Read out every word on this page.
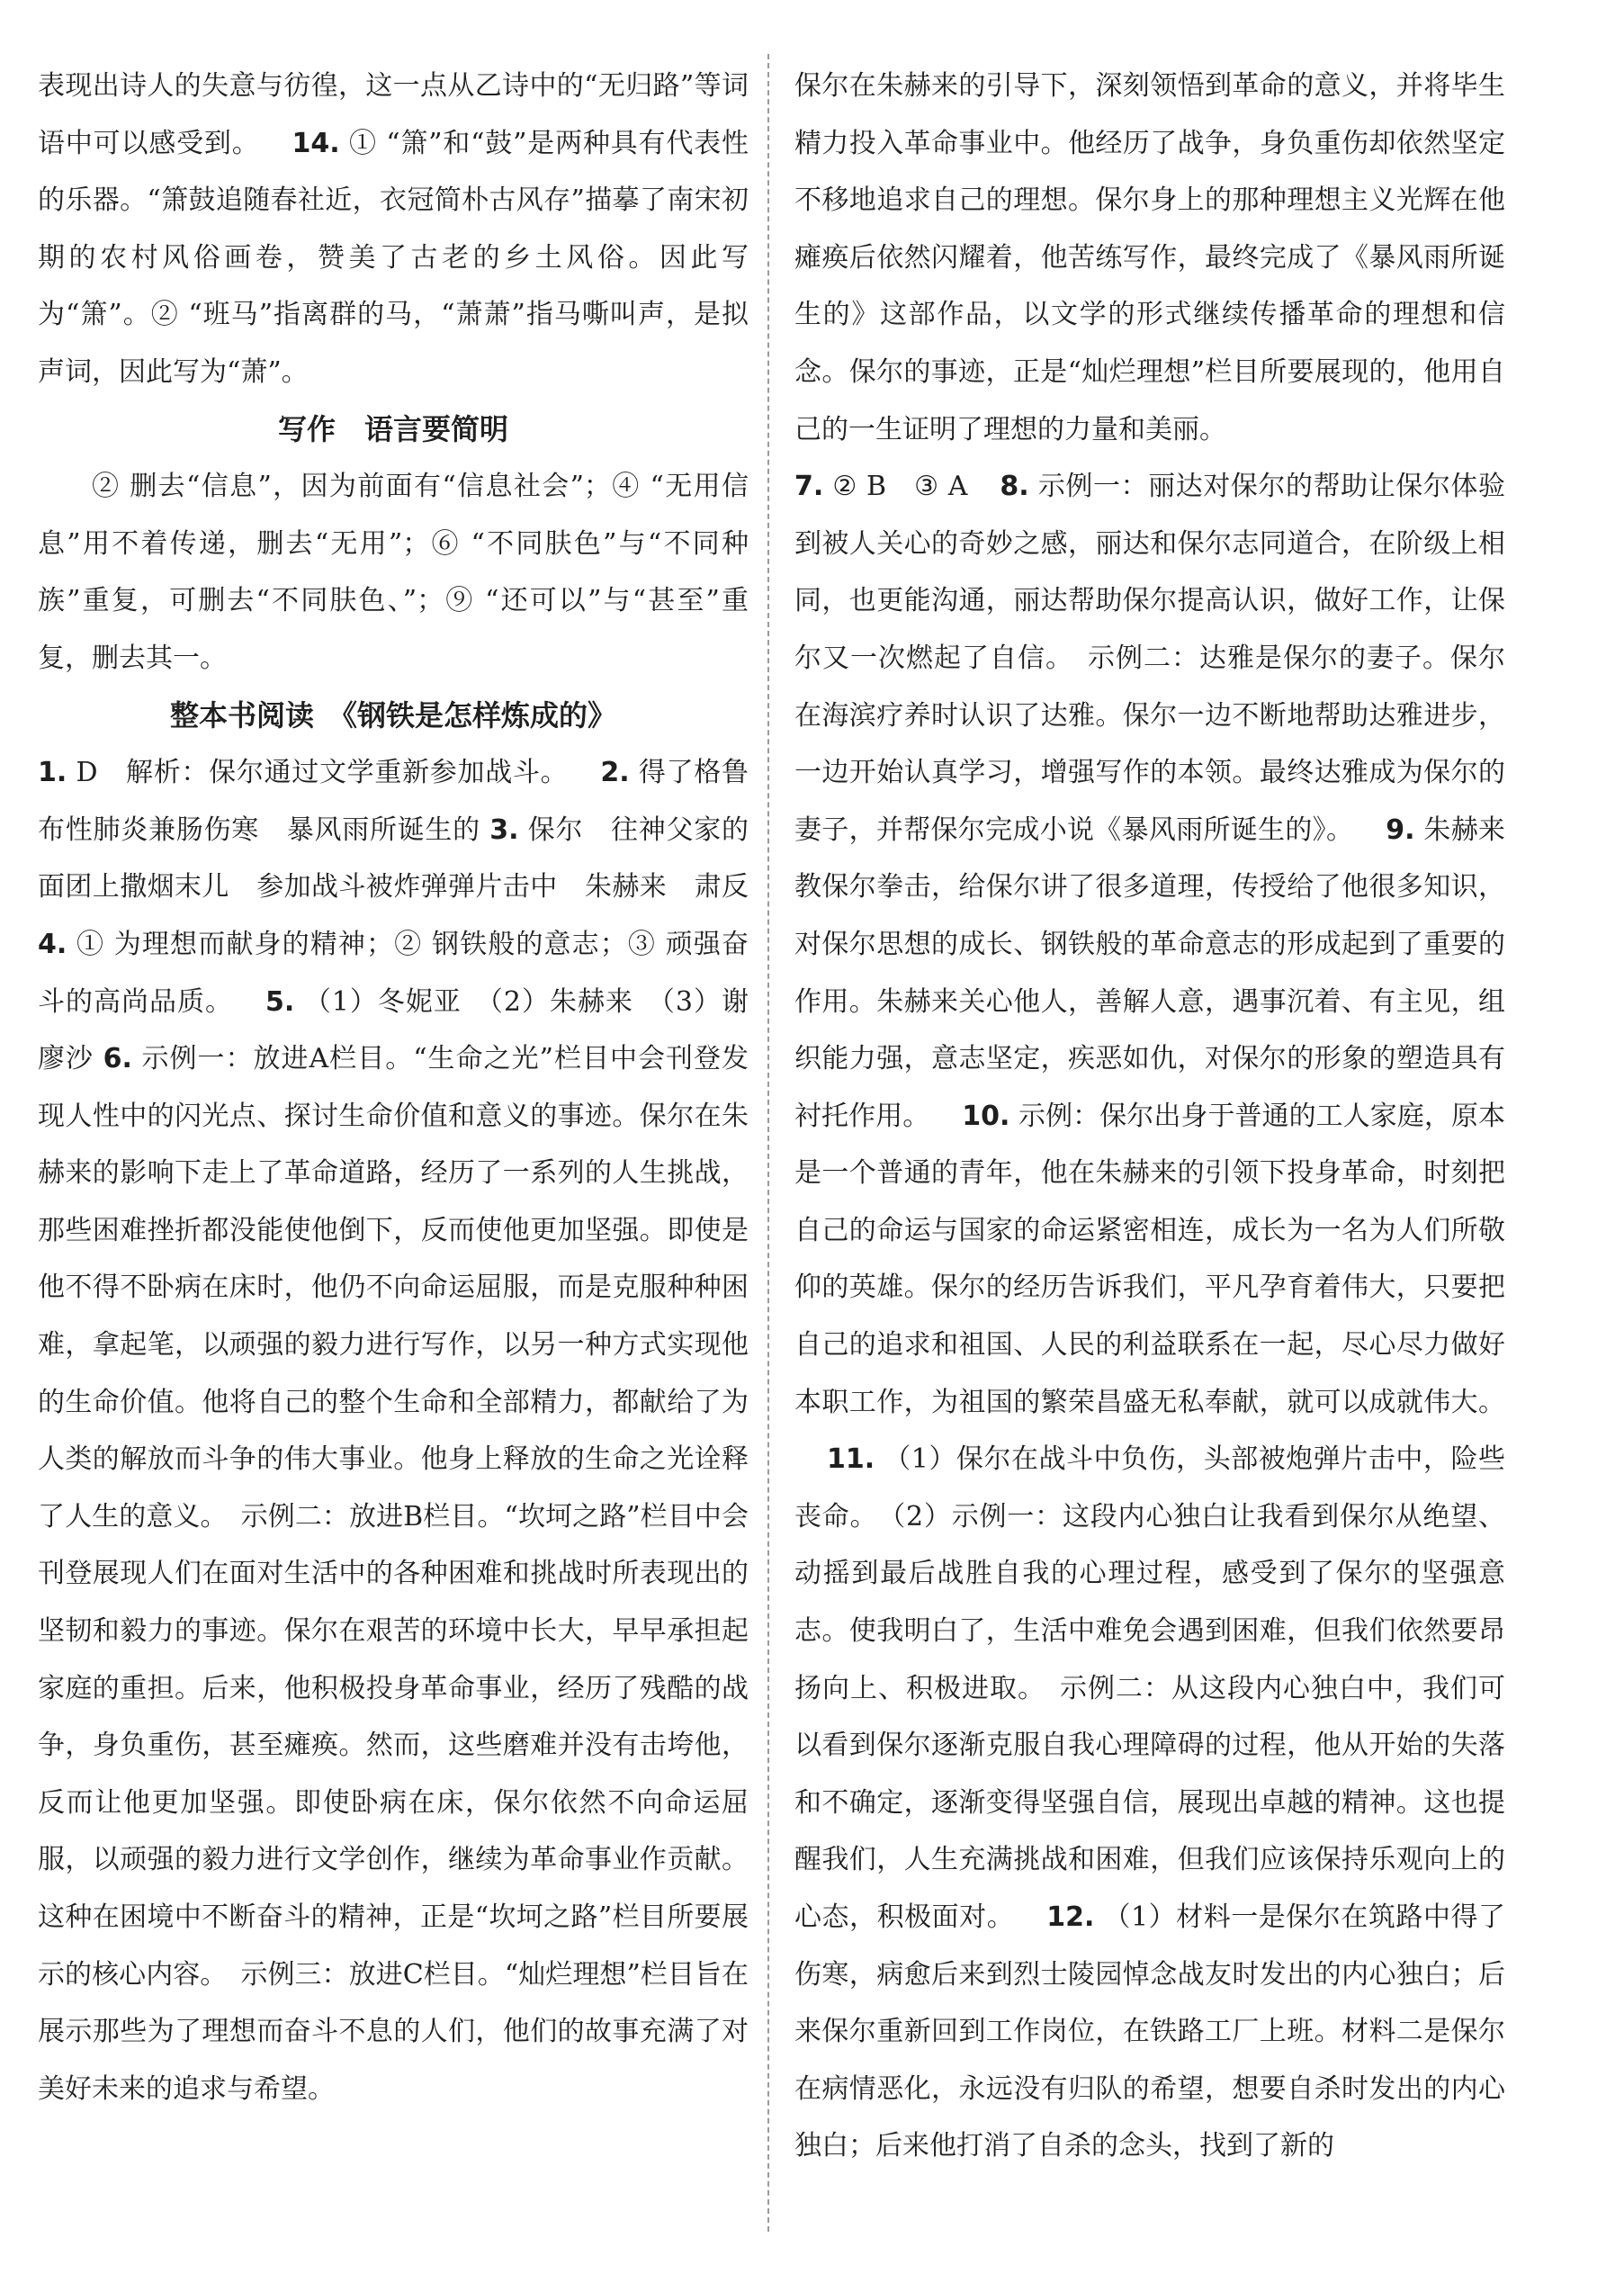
表现出诗人的失意与彷徨，这一点从乙诗中的“无归路”等词语中可以感受到。 14. ① “箫”和“鼓”是两种具有代表性的乐器。“箫鼓追随春社近，衣冠简朴古风存”描摹了南宋初期的农村风俗画卷，赞美了古老的乡土风俗。因此写为“箫”。② “班马”指离群的马，“萧萧”指马嘶叫声，是拟声词，因此写为“萧”。

写作　语言要简明

② 删去“信息”，因为前面有“信息社会”；④ “无用信息”用不着传递，删去“无用”；⑥ “不同肤色”与“不同种族”重复，可删去“不同肤色、”；⑨ “还可以”与“甚至”重复，删去其一。

整本书阅读　《钢铁是怎样炼成的》

1. D　解析：保尔通过文学重新参加战斗。 2. 得了格鲁布性肺炎兼肠伤寒　暴风雨所诞生的 3. 保尔　往神父家的面团上撒烟末儿　参加战斗被炸弹弹片击中　朱赫来　肃反 4. ① 为理想而献身的精神；② 钢铁般的意志；③ 顽强奋斗的高尚品质。 5. （1）冬妮亚　（2）朱赫来　（3）谢廖沙 6. 示例一：放进A栏目。“生命之光”栏目中会刊登发现人性中的闪光点、探讨生命价值和意义的事迹。保尔在朱赫来的影响下走上了革命道路，经历了一系列的人生挑战，那些困难挫折都没能使他倒下，反而使他更加坚强。即使是他不得不卧病在床时，他仍不向命运屈服，而是克服种种困难，拿起笔，以顽强的毅力进行写作，以另一种方式实现他的生命价值。他将自己的整个生命和全部精力，都献给了为人类的解放而斗争的伟大事业。他身上释放的生命之光诠释了人生的意义。　示例二：放进B栏目。“坎坷之路”栏目中会刊登展现人们在面对生活中的各种困难和挑战时所表现出的坚韧和毅力的事迹。保尔在艰苦的环境中长大，早早承担起家庭的重担。后来，他积极投身革命事业，经历了残酷的战争，身负重伤，甚至瘫痪。然而，这些磨难并没有击垮他，反而让他更加坚强。即使卧病在床，保尔依然不向命运屈服，以顽强的毅力进行文学创作，继续为革命事业作贡献。这种在困境中不断奋斗的精神，正是“坎坷之路”栏目所要展示的核心内容。　示例三：放进C栏目。“灿烂理想”栏目旨在展示那些为了理想而奋斗不息的人们，他们的故事充满了对美好未来的追求与希望。

保尔在朱赫来的引导下，深刻领悟到革命的意义，并将毕生精力投入革命事业中。他经历了战争，身负重伤却依然坚定不移地追求自己的理想。保尔身上的那种理想主义光辉在他瘫痪后依然闪耀着，他苦练写作，最终完成了《暴风雨所诞生的》这部作品，以文学的形式继续传播革命的理想和信念。保尔的事迹，正是“灿烂理想”栏目所要展现的，他用自己的一生证明了理想的力量和美丽。

7. ② B　③ A 8. 示例一：丽达对保尔的帮助让保尔体验到被人关心的奇妙之感，丽达和保尔志同道合，在阶级上相同，也更能沟通，丽达帮助保尔提高认识，做好工作，让保尔又一次燃起了自信。　示例二：达雅是保尔的妻子。保尔在海滨疗养时认识了达雅。保尔一边不断地帮助达雅进步，一边开始认真学习，增强写作的本领。最终达雅成为保尔的妻子，并帮保尔完成小说《暴风雨所诞生的》。 9. 朱赫来教保尔拳击，给保尔讲了很多道理，传授给了他很多知识，对保尔思想的成长、钢铁般的革命意志的形成起到了重要的作用。朱赫来关心他人，善解人意，遇事沉着、有主见，组织能力强，意志坚定，疾恶如仇，对保尔的形象的塑造具有衬托作用。 10. 示例：保尔出身于普通的工人家庭，原本是一个普通的青年，他在朱赫来的引领下投身革命，时刻把自己的命运与国家的命运紧密相连，成长为一名为人们所敬仰的英雄。保尔的经历告诉我们，平凡孕育着伟大，只要把自己的追求和祖国、人民的利益联系在一起，尽心尽力做好本职工作，为祖国的繁荣昌盛无私奉献，就可以成就伟大。11. （1）保尔在战斗中负伤，头部被炮弹片击中，险些丧命。　（2）示例一：这段内心独白让我看到保尔从绝望、动摇到最后战胜自我的心理过程，感受到了保尔的坚强意志。使我明白了，生活中难免会遇到困难，但我们依然要昂扬向上、积极进取。　示例二：从这段内心独白中，我们可以看到保尔逐渐克服自我心理障碍的过程，他从开始的失落和不确定，逐渐变得坚强自信，展现出卓越的精神。这也提醒我们，人生充满挑战和困难，但我们应该保持乐观向上的心态，积极面对。 12. （1）材料一是保尔在筑路中得了伤寒，病愈后来到烈士陵园悼念战友时发出的内心独白；后来保尔重新回到工作岗位，在铁路工厂上班。材料二是保尔在病情恶化，永远没有归队的希望，想要自杀时发出的内心独白；后来他打消了自杀的念头，找到了新的
